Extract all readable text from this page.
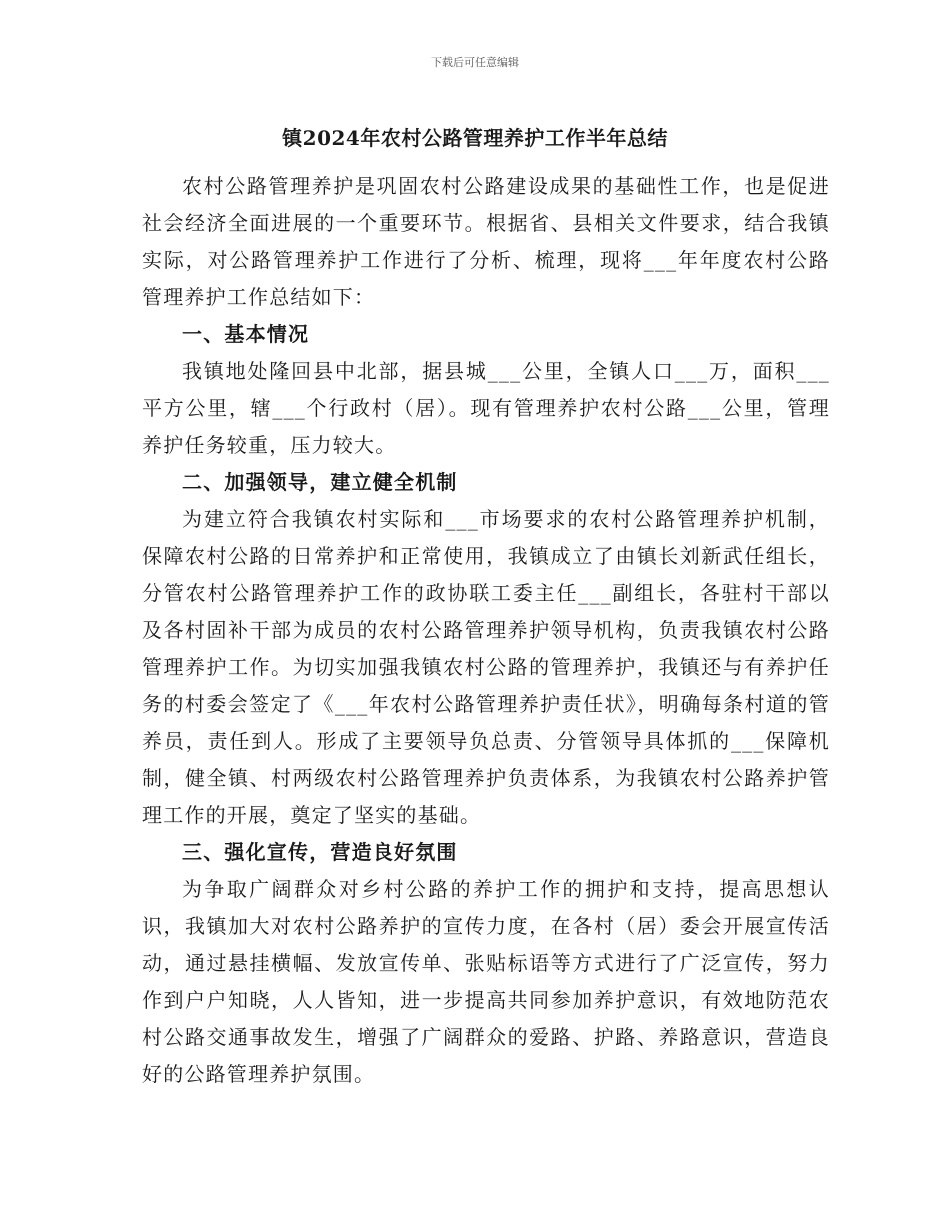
下载后可任意编辑
镇2024年农村公路管理养护工作半年总结

农村公路管理养护是巩固农村公路建设成果的基础性工作，也是促进社会经济全面进展的一个重要环节。根据省、县相关文件要求，结合我镇实际，对公路管理养护工作进行了分析、梳理，现将___年年度农村公路管理养护工作总结如下：

一、基本情况

我镇地处隆回县中北部，据县城___公里，全镇人口___万，面积___平方公里，辖___个行政村（居）。现有管理养护农村公路___公里，管理养护任务较重，压力较大。

二、加强领导，建立健全机制

为建立符合我镇农村实际和___市场要求的农村公路管理养护机制，保障农村公路的日常养护和正常使用，我镇成立了由镇长刘新武任组长，分管农村公路管理养护工作的政协联工委主任___副组长，各驻村干部以及各村固补干部为成员的农村公路管理养护领导机构，负责我镇农村公路管理养护工作。为切实加强我镇农村公路的管理养护，我镇还与有养护任务的村委会签定了《___年农村公路管理养护责任状》，明确每条村道的管养员，责任到人。形成了主要领导负总责、分管领导具体抓的___保障机制，健全镇、村两级农村公路管理养护负责体系，为我镇农村公路养护管理工作的开展，奠定了坚实的基础。

三、强化宣传，营造良好氛围

为争取广阔群众对乡村公路的养护工作的拥护和支持，提高思想认识，我镇加大对农村公路养护的宣传力度，在各村（居）委会开展宣传活动，通过悬挂横幅、发放宣传单、张贴标语等方式进行了广泛宣传，努力作到户户知晓，人人皆知，进一步提高共同参加养护意识，有效地防范农村公路交通事故发生，增强了广阔群众的爱路、护路、养路意识，营造良好的公路管理养护氛围。
